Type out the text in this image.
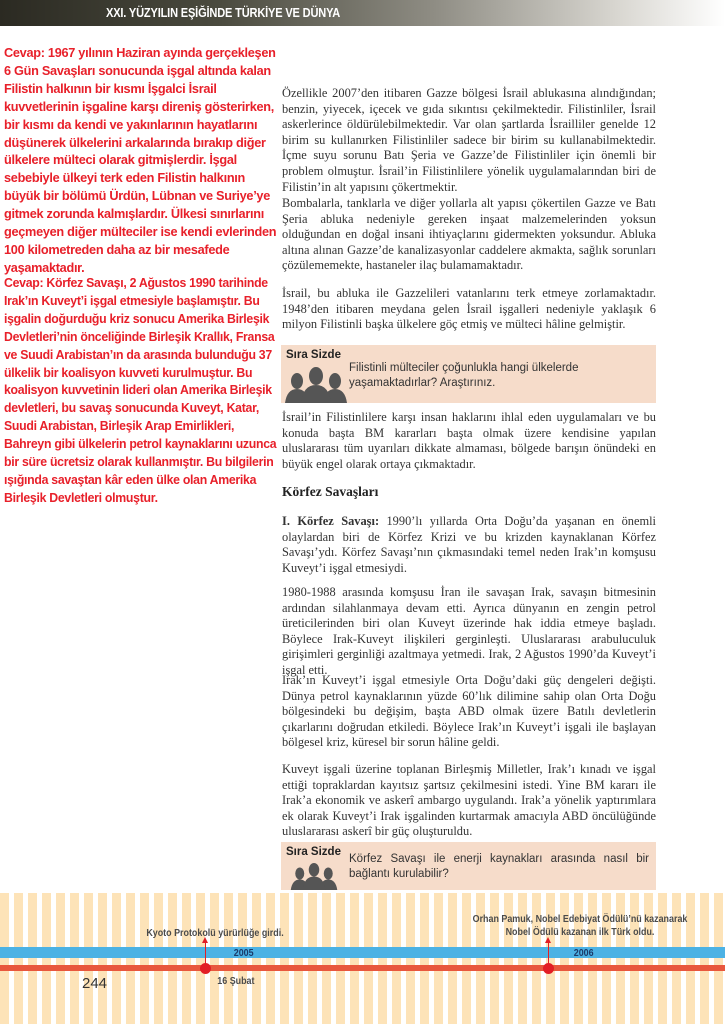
XXI. YÜZYILIN EŞİĞİNDE TÜRKİYE VE DÜNYA

Özellikle 2007’den itibaren Gazze bölgesi İsrail ablukasına alındığından; benzin, yiyecek, içecek ve gıda sıkıntısı çekilmektedir. Filistinliler, İsrail askerlerince öldürülebilmektedir. Var olan şartlarda İsrailliler genelde 12 birim su kullanırken Filistinliler sadece bir birim su kullanabilmektedir. İçme suyu sorunu Batı Şeria ve Gazze’de Filistinliler için önemli bir problem olmuştur. İsrail’in Filistinlilere yönelik uygulamalarından biri de Filistin’in alt yapısını çökertmektir.

Bombalarla, tanklarla ve diğer yollarla alt yapısı çökertilen Gazze ve Batı Şeria abluka nedeniyle gereken inşaat malzemelerinden yoksun olduğundan en doğal insani ihtiyaçlarını gidermekten yoksundur. Abluka altına alınan Gazze’de kanalizasyonlar caddelere akmakta, sağlık sorunları çözülememekte, hastaneler ilaç bulamamaktadır.

İsrail, bu abluka ile Gazzelileri vatanlarını terk etmeye zorlamaktadır. 1948’den itibaren meydana gelen İsrail işgalleri nedeniyle yaklaşık 6 milyon Filistinli başka ülkelere göç etmiş ve mülteci hâline gelmiştir.

Sıra Sizde
Filistinli mülteciler çoğunlukla hangi ülkelerde yaşamaktadırlar? Araştırınız.

İsrail’in Filistinlilere karşı insan haklarını ihlal eden uygulamaları ve bu konuda başta BM kararları başta olmak üzere kendisine yapılan uluslararası tüm uyarıları dikkate almaması, bölgede barışın önündeki en büyük engel olarak ortaya çıkmaktadır.

Körfez Savaşları

I. Körfez Savaşı: 1990’lı yıllarda Orta Doğu’da yaşanan en önemli olaylardan biri de Körfez Krizi ve bu krizden kaynaklanan Körfez Savaşı’ydı. Körfez Savaşı’nın çıkmasındaki temel neden Irak’ın komşusu Kuveyt’i işgal etmesiydi.

1980-1988 arasında komşusu İran ile savaşan Irak, savaşın bitmesinin ardından silahlanmaya devam etti. Ayrıca dünyanın en zengin petrol üreticilerinden biri olan Kuveyt üzerinde hak iddia etmeye başladı. Böylece Irak-Kuveyt ilişkileri gerginleşti. Uluslararası arabuluculuk girişimleri gerginliği azaltmaya yetmedi. Irak, 2 Ağustos 1990’da Kuveyt’i işgal etti.

Irak’ın Kuveyt’i işgal etmesiyle Orta Doğu’daki güç dengeleri değişti. Dünya petrol kaynaklarının yüzde 60’lık dilimine sahip olan Orta Doğu bölgesindeki bu değişim, başta ABD olmak üzere Batılı devletlerin çıkarlarını doğrudan etkiledi. Böylece Irak’ın Kuveyt’i işgali ile başlayan bölgesel kriz, küresel bir sorun hâline geldi.

Kuveyt işgali üzerine toplanan Birleşmiş Milletler, Irak’ı kınadı ve işgal ettiği topraklardan kayıtsız şartsız çekilmesini istedi. Yine BM kararı ile Irak’a ekonomik ve askerî ambargo uygulandı. Irak’a yönelik yaptırımlara ek olarak Kuveyt’i Irak işgalinden kurtarmak amacıyla ABD öncülüğünde uluslararası askerî bir güç oluşturuldu.

Sıra Sizde
Körfez Savaşı ile enerji kaynakları arasında nasıl bir bağlantı kurulabilir?
Cevap: 1967 yılının Haziran ayında gerçekleşen
6 Gün Savaşları sonucunda işgal altında kalan
Filistin halkının bir kısmı İşgalci İsrail
kuvvetlerinin işgaline karşı direniş gösterirken,
bir kısmı da kendi ve yakınlarının hayatlarını
düşünerek ülkelerini arkalarında bırakıp diğer
ülkelere mülteci olarak gitmişlerdir. İşgal
sebebiyle ülkeyi terk eden Filistin halkının
büyük bir bölümü Ürdün, Lübnan ve Suriye’ye
gitmek zorunda kalmışlardır. Ülkesi sınırlarını
geçmeyen diğer mülteciler ise kendi evlerinden
100 kilometreden daha az bir mesafede
yaşamaktadır.
Cevap: Körfez Savaşı, 2 Ağustos 1990 tarihinde
Irak’ın Kuveyt’i işgal etmesiyle başlamıştır. Bu
işgalin doğurduğu kriz sonucu Amerika Birleşik
Devletleri’nin önceliğinde Birleşik Krallık, Fransa
ve Suudi Arabistan’ın da arasında bulunduğu 37
ülkelik bir koalisyon kuvveti kurulmuştur. Bu
koalisyon kuvvetinin lideri olan Amerika Birleşik
devletleri, bu savaş sonucunda Kuveyt, Katar,
Suudi Arabistan, Birleşik Arap Emirlikleri,
Bahreyn gibi ülkelerin petrol kaynaklarını uzunca
bir süre ücretsiz olarak kullanmıştır. Bu bilgilerin
ışığında savaştan kâr eden ülke olan Amerika
Birleşik Devletleri olmuştur.
Kyoto Protokolü yürürlüğe girdi.
Orhan Pamuk, Nobel Edebiyat Ödülü’nü kazanarak Nobel Ödülü kazanan ilk Türk oldu.
2005	2006
16 Şubat
244
